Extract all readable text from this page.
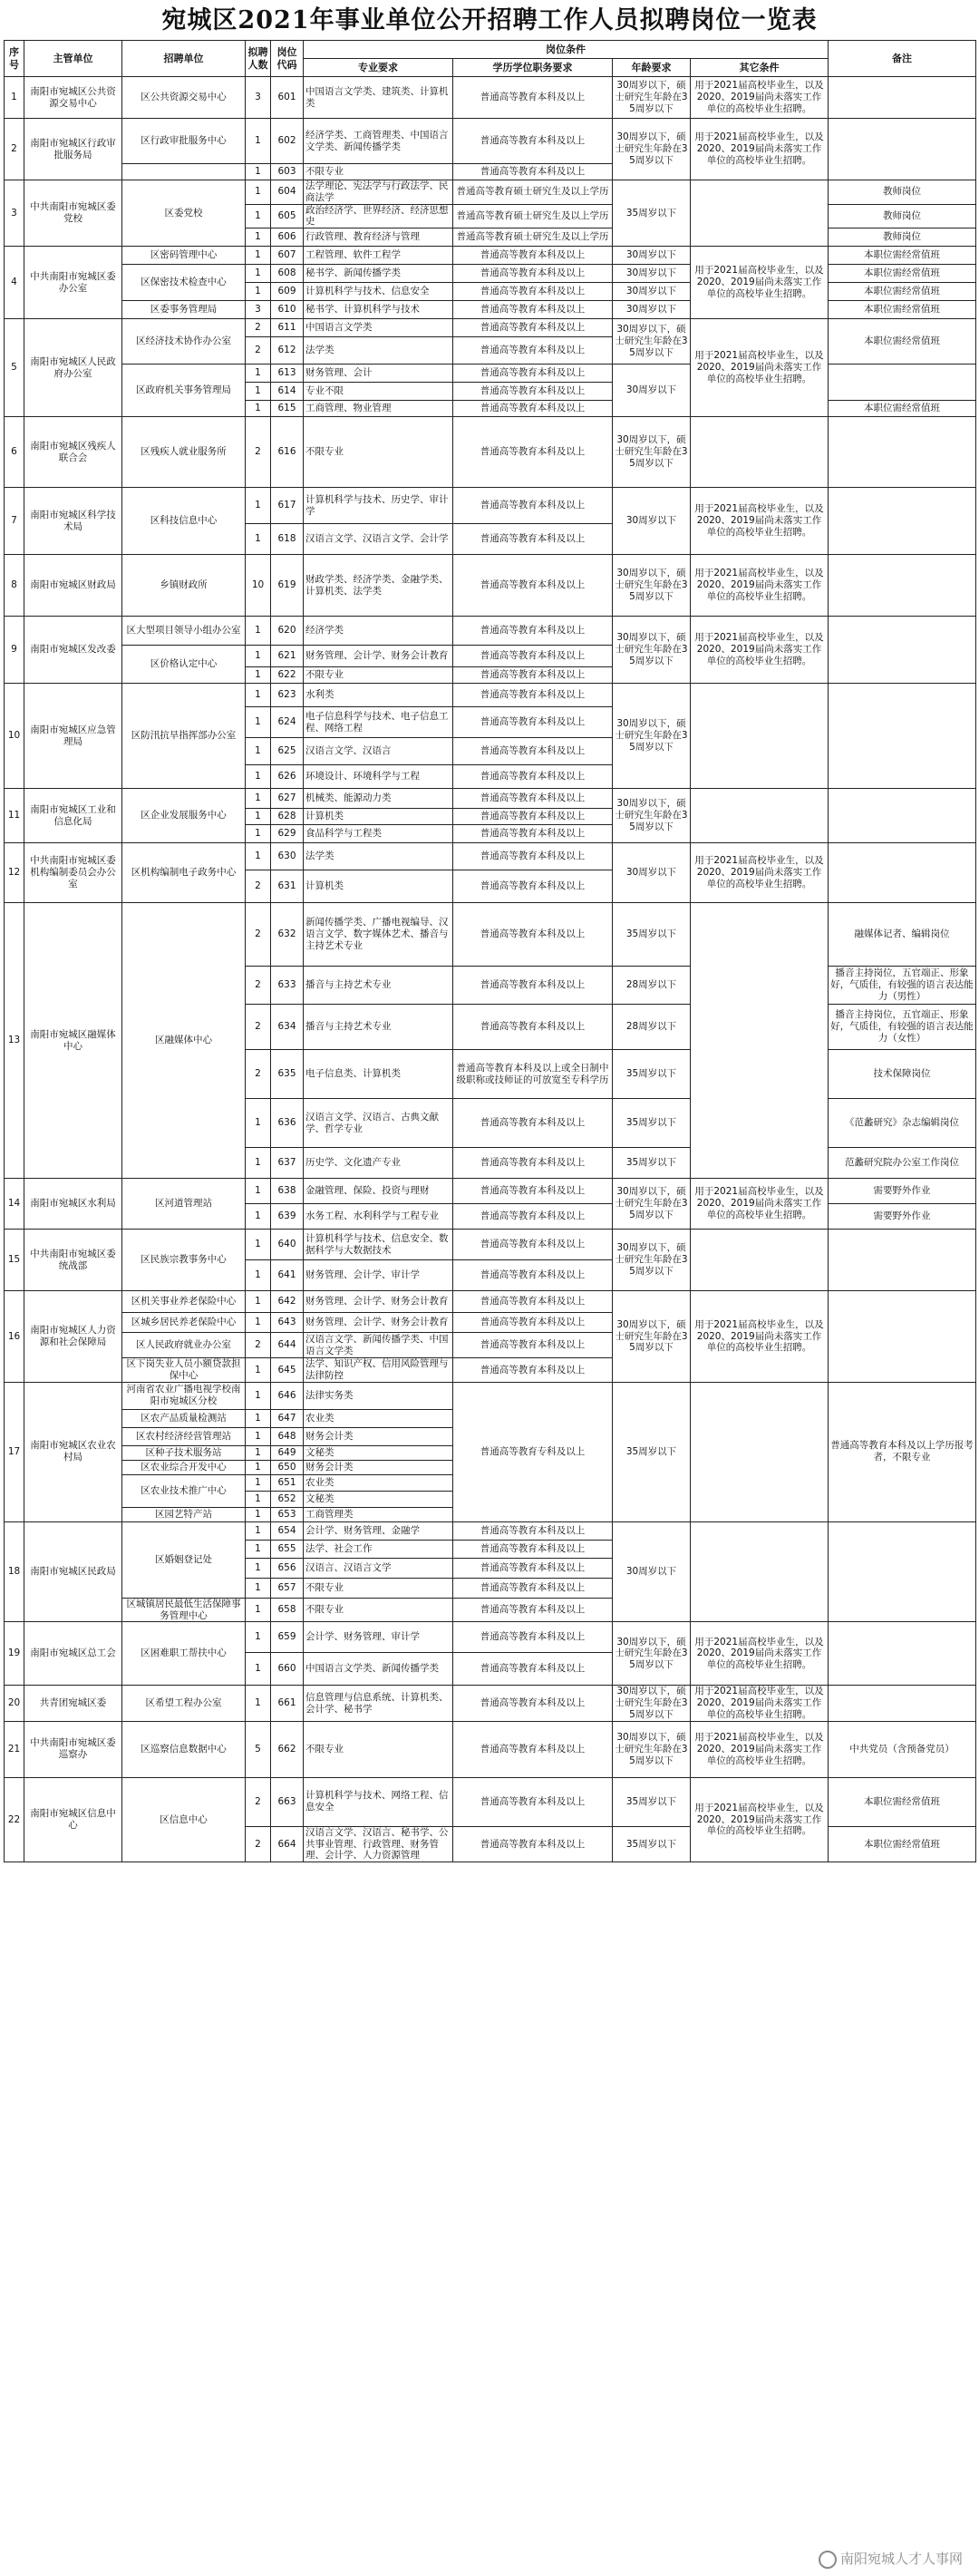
宛城区2021年事业单位公开招聘工作人员拟聘岗位一览表
序号	主管单位	招聘单位	拟聘人数	岗位代码	岗位条件				备注
					专业要求	学历学位职务要求	年龄要求	其它条件	
1	南阳市宛城区公共资源交易中心	区公共资源交易中心	3	601	中国语言文学类、建筑类、计算机类	普通高等教育本科及以上	30周岁以下，硕士研究生年龄在35周岁以下	用于2021届高校毕业生，以及2020、2019届尚未落实工作单位的高校毕业生招聘。	
2	南阳市宛城区行政审批服务局	区行政审批服务中心	1	602	经济学类、工商管理类、中国语言文学类、新闻传播学类	普通高等教育本科及以上	30周岁以下，硕士研究生年龄在35周岁以下	用于2021届高校毕业生，以及2020、2019届尚未落实工作单位的高校毕业生招聘。	
			1	603	不限专业	普通高等教育本科及以上			
3	中共南阳市宛城区委党校	区委党校	1	604	法学理论、宪法学与行政法学、民商法学	普通高等教育硕士研究生及以上学历	35周岁以下		教师岗位
			1	605	政治经济学、世界经济、经济思想史	普通高等教育硕士研究生及以上学历			教师岗位
			1	606	行政管理、教育经济与管理	普通高等教育硕士研究生及以上学历			教师岗位
4	中共南阳市宛城区委办公室	区密码管理中心	1	607	工程管理、软件工程学	普通高等教育本科及以上	30周岁以下	用于2021届高校毕业生，以及2020、2019届尚未落实工作单位的高校毕业生招聘。	本职位需经常值班
		区保密技术检查中心	1	608	秘书学、新闻传播学类	普通高等教育本科及以上	30周岁以下		本职位需经常值班
			1	609	计算机科学与技术、信息安全	普通高等教育本科及以上	30周岁以下		本职位需经常值班
		区委事务管理局	3	610	秘书学、计算机科学与技术	普通高等教育本科及以上	30周岁以下		本职位需经常值班
5	南阳市宛城区人民政府办公室	区经济技术协作办公室	2	611	中国语言文学类	普通高等教育本科及以上	30周岁以下，硕士研究生年龄在35周岁以下	用于2021届高校毕业生，以及2020、2019届尚未落实工作单位的高校毕业生招聘。	本职位需经常值班
			2	612	法学类	普通高等教育本科及以上			
		区政府机关事务管理局	1	613	财务管理、会计	普通高等教育本科及以上	30周岁以下		
			1	614	专业不限	普通高等教育本科及以上			
			1	615	工商管理、物业管理	普通高等教育本科及以上			本职位需经常值班
6	南阳市宛城区残疾人联合会	区残疾人就业服务所	2	616	不限专业	普通高等教育本科及以上	30周岁以下，硕士研究生年龄在35周岁以下		
7	南阳市宛城区科学技术局	区科技信息中心	1	617	计算机科学与技术、历史学、审计学	普通高等教育本科及以上	30周岁以下	用于2021届高校毕业生，以及2020、2019届尚未落实工作单位的高校毕业生招聘。	
			1	618	汉语言文学、汉语言文学、会计学	普通高等教育本科及以上			
8	南阳市宛城区财政局	乡镇财政所	10	619	财政学类、经济学类、金融学类、计算机类、法学类	普通高等教育本科及以上	30周岁以下，硕士研究生年龄在35周岁以下	用于2021届高校毕业生，以及2020、2019届尚未落实工作单位的高校毕业生招聘。	
9	南阳市宛城区发改委	区大型项目领导小组办公室	1	620	经济学类	普通高等教育本科及以上	30周岁以下，硕士研究生年龄在35周岁以下	用于2021届高校毕业生，以及2020、2019届尚未落实工作单位的高校毕业生招聘。	
		区价格认定中心	1	621	财务管理、会计学、财务会计教育	普通高等教育本科及以上			
			1	622	不限专业	普通高等教育本科及以上			
10	南阳市宛城区应急管理局	区防汛抗旱指挥部办公室	1	623	水利类	普通高等教育本科及以上	30周岁以下，硕士研究生年龄在35周岁以下		
			1	624	电子信息科学与技术、电子信息工程、网络工程	普通高等教育本科及以上			
			1	625	汉语言文学、汉语言	普通高等教育本科及以上			
			1	626	环境设计、环境科学与工程	普通高等教育本科及以上			
11	南阳市宛城区工业和信息化局	区企业发展服务中心	1	627	机械类、能源动力类	普通高等教育本科及以上	30周岁以下，硕士研究生年龄在35周岁以下		
			1	628	计算机类	普通高等教育本科及以上			
			1	629	食品科学与工程类	普通高等教育本科及以上			
12	中共南阳市宛城区委机构编制委员会办公室	区机构编制电子政务中心	1	630	法学类	普通高等教育本科及以上	30周岁以下	用于2021届高校毕业生，以及2020、2019届尚未落实工作单位的高校毕业生招聘。	
			2	631	计算机类	普通高等教育本科及以上			
13	南阳市宛城区融媒体中心	区融媒体中心	2	632	新闻传播学类、广播电视编导、汉语言文学、数字媒体艺术、播音与主持艺术专业	普通高等教育本科及以上	35周岁以下		融媒体记者、编辑岗位
			2	633	播音与主持艺术专业	普通高等教育本科及以上	28周岁以下		播音主持岗位，五官端正、形象好，气质佳，有较强的语言表达能力（男性）
			2	634	播音与主持艺术专业	普通高等教育本科及以上	28周岁以下		播音主持岗位，五官端正、形象好，气质佳，有较强的语言表达能力（女性）
			2	635	电子信息类、计算机类	普通高等教育本科及以上或全日制中级职称或技师证的可放宽至专科学历	35周岁以下		技术保障岗位
			1	636	汉语言文学、汉语言、古典文献学、哲学专业	普通高等教育本科及以上	35周岁以下		《范蠡研究》杂志编辑岗位
			1	637	历史学、文化遗产专业	普通高等教育本科及以上	35周岁以下		范蠡研究院办公室工作岗位
14	南阳市宛城区水利局	区河道管理站	1	638	金融管理、保险、投资与理财	普通高等教育本科及以上	30周岁以下，硕士研究生年龄在35周岁以下	用于2021届高校毕业生，以及2020、2019届尚未落实工作单位的高校毕业生招聘。	需要野外作业
			1	639	水务工程、水利科学与工程专业	普通高等教育本科及以上			需要野外作业
15	中共南阳市宛城区委统战部	区民族宗教事务中心	1	640	计算机科学与技术、信息安全、数据科学与大数据技术	普通高等教育本科及以上	30周岁以下，硕士研究生年龄在35周岁以下		
			1	641	财务管理、会计学、审计学	普通高等教育本科及以上			
16	南阳市宛城区人力资源和社会保障局	区机关事业养老保险中心	1	642	财务管理、会计学、财务会计教育	普通高等教育本科及以上	30周岁以下，硕士研究生年龄在35周岁以下	用于2021届高校毕业生，以及2020、2019届尚未落实工作单位的高校毕业生招聘。	
		区城乡居民养老保险中心	1	643	财务管理、会计学、财务会计教育	普通高等教育本科及以上			
		区人民政府就业办公室	2	644	汉语言文学、新闻传播学类、中国语言文学类	普通高等教育本科及以上			
		区下岗失业人员小额贷款担保中心	1	645	法学、知识产权、信用风险管理与法律防控	普通高等教育本科及以上			
17	南阳市宛城区农业农村局	河南省农业广播电视学校南阳市宛城区分校	1	646	法律实务类	普通高等教育专科及以上	35周岁以下		普通高等教育本科及以上学历报考者，不限专业
		区农产品质量检测站	1	647	农业类				
		区农村经济经营管理站	1	648	财务会计类				
		区种子技术服务站	1	649	文秘类				
		区农业综合开发中心	1	650	财务会计类				
		区农业技术推广中心	1	651	农业类				
			1	652	文秘类				
		区园艺特产站	1	653	工商管理类				
18	南阳市宛城区民政局	区婚姻登记处	1	654	会计学、财务管理、金融学	普通高等教育本科及以上	30周岁以下		
			1	655	法学、社会工作	普通高等教育本科及以上			
			1	656	汉语言、汉语言文学	普通高等教育本科及以上			
			1	657	不限专业	普通高等教育本科及以上			
		区城镇居民最低生活保障事务管理中心	1	658	不限专业	普通高等教育本科及以上			
19	南阳市宛城区总工会	区困难职工帮扶中心	1	659	会计学、财务管理、审计学	普通高等教育本科及以上	30周岁以下，硕士研究生年龄在35周岁以下	用于2021届高校毕业生，以及2020、2019届尚未落实工作单位的高校毕业生招聘。	
			1	660	中国语言文学类、新闻传播学类	普通高等教育本科及以上			
20	共青团宛城区委	区希望工程办公室	1	661	信息管理与信息系统、计算机类、会计学、秘书学	普通高等教育本科及以上	30周岁以下，硕士研究生年龄在35周岁以下	用于2021届高校毕业生，以及2020、2019届尚未落实工作单位的高校毕业生招聘。	
21	中共南阳市宛城区委巡察办	区巡察信息数据中心	5	662	不限专业	普通高等教育本科及以上	30周岁以下，硕士研究生年龄在35周岁以下	用于2021届高校毕业生，以及2020、2019届尚未落实工作单位的高校毕业生招聘。	中共党员（含预备党员）
22	南阳市宛城区信息中心	区信息中心	2	663	计算机科学与技术、网络工程、信息安全	普通高等教育本科及以上	35周岁以下	用于2021届高校毕业生，以及2020、2019届尚未落实工作单位的高校毕业生招聘。	本职位需经常值班
			2	664	汉语言文学、汉语言、秘书学、公共事业管理、行政管理、财务管理、会计学、人力资源管理	普通高等教育本科及以上	35周岁以下		本职位需经常值班
南阳宛城人才人事网
